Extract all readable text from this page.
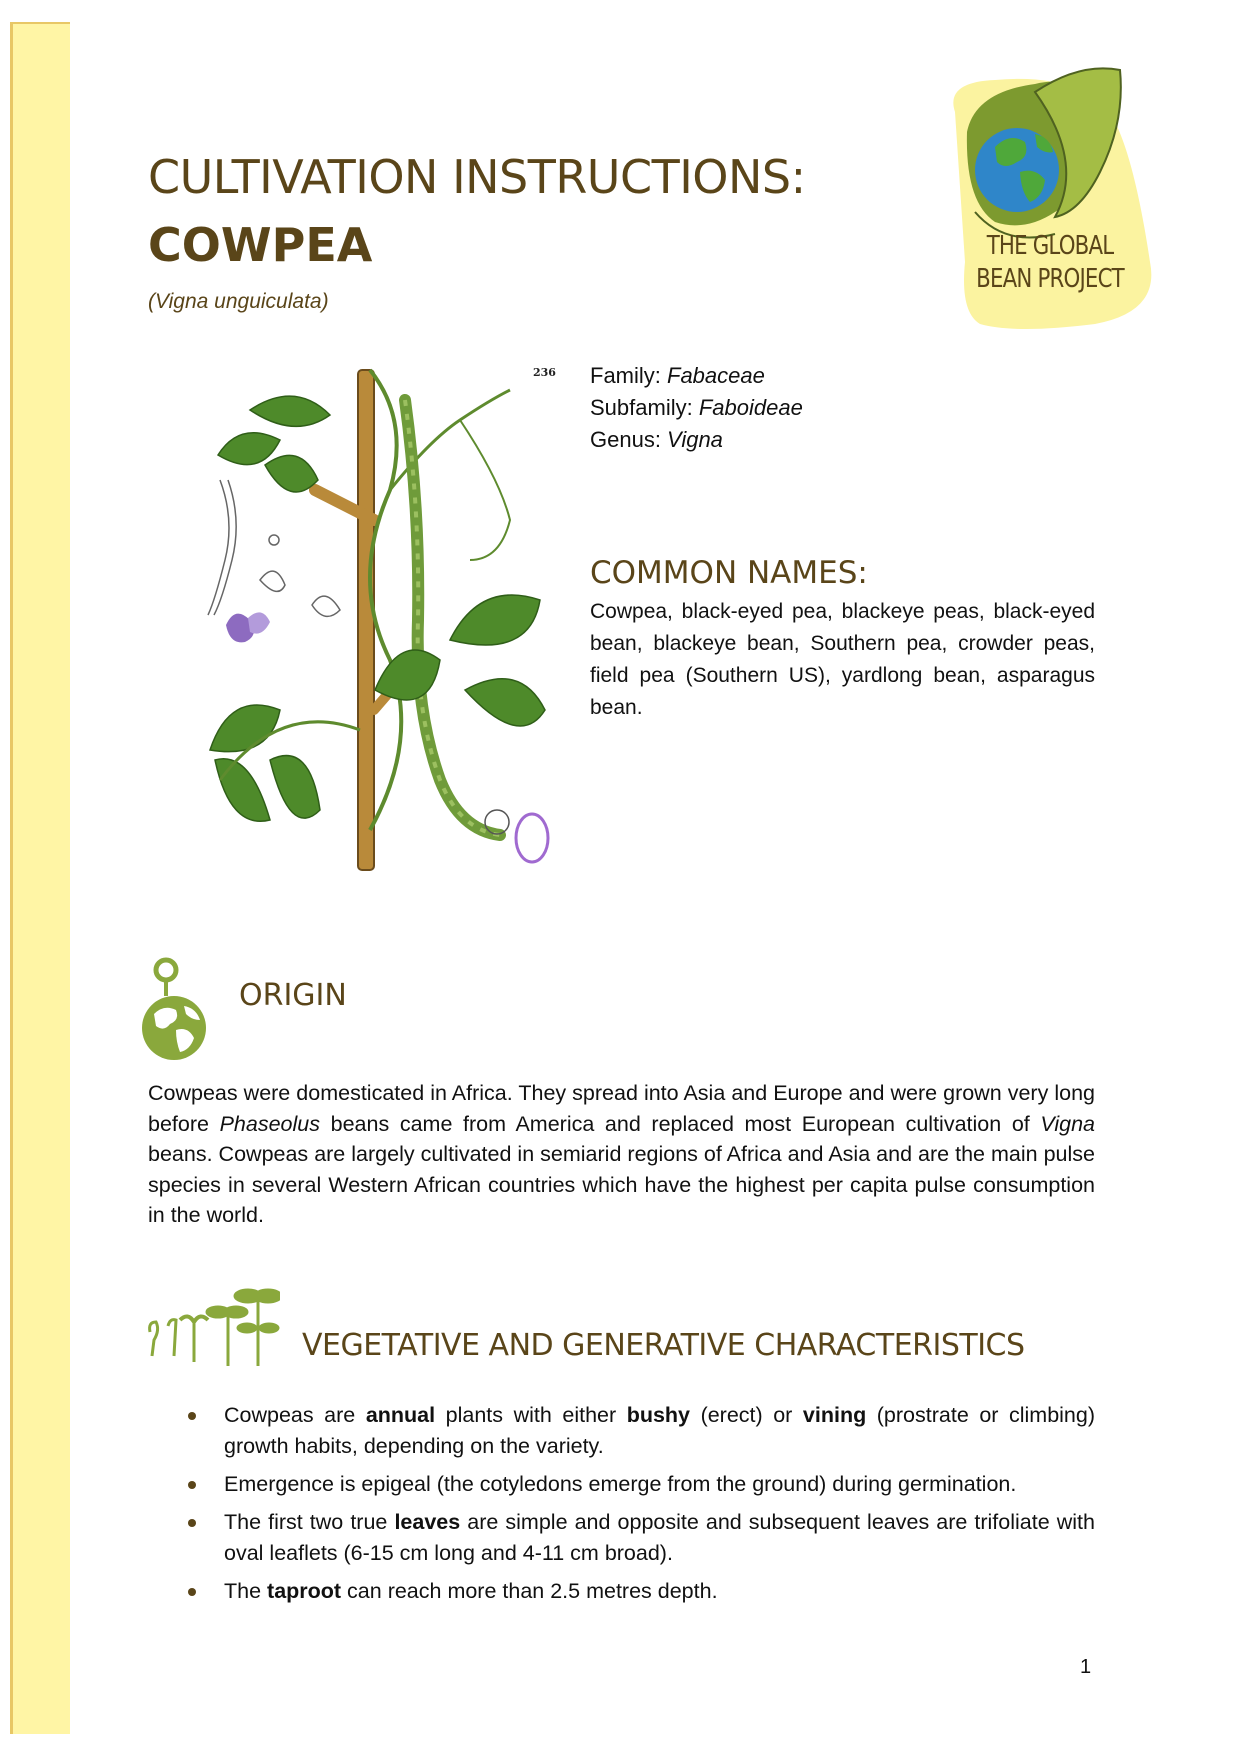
CULTIVATION INSTRUCTIONS:
COWPEA
(Vigna unguiculata)
THE GLOBAL
BEAN PROJECT
236 Family: Fabaceae
Subfamily: Faboideae
Genus: Vigna
COMMON NAMES:
Cowpea, black-eyed pea, blackeye peas, black-eyed bean, blackeye bean, Southern pea, crowder peas, field pea (Southern US), yardlong bean, asparagus bean.
ORIGIN
Cowpeas were domesticated in Africa. They spread into Asia and Europe and were grown very long before Phaseolus beans came from America and replaced most European cultivation of Vigna beans. Cowpeas are largely cultivated in semiarid regions of Africa and Asia and are the main pulse species in several Western African countries which have the highest per capita pulse consumption in the world.
VEGETATIVE AND GENERATIVE CHARACTERISTICS
Cowpeas are annual plants with either bushy (erect) or vining (prostrate or climbing) growth habits, depending on the variety.
Emergence is epigeal (the cotyledons emerge from the ground) during germination.
The first two true leaves are simple and opposite and subsequent leaves are trifoliate with oval leaflets (6-15 cm long and 4-11 cm broad).
The taproot can reach more than 2.5 metres depth.
1
